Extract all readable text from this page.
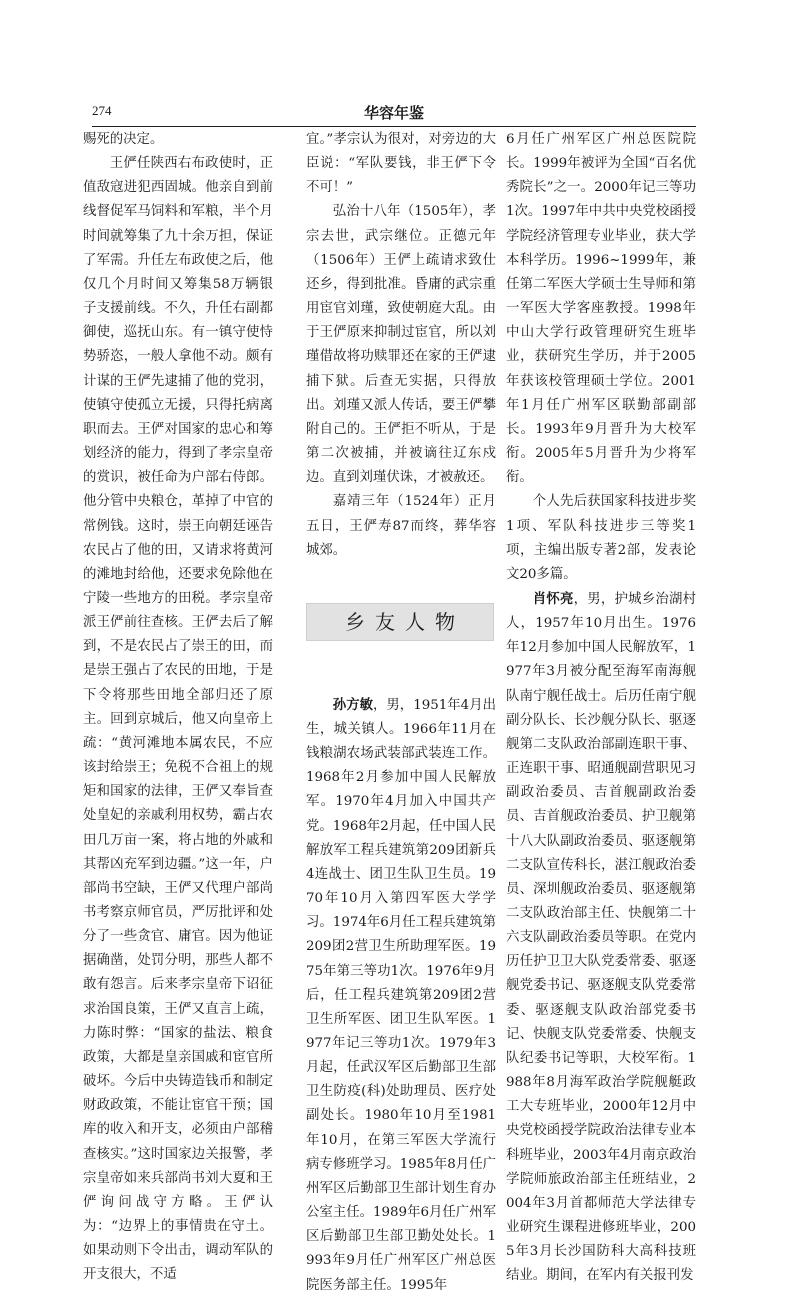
274	华容年鉴

赐死的决定。

王俨任陕西右布政使时，正值敌寇进犯西固城。他亲自到前线督促军马饲料和军粮，半个月时间就筹集了九十余万担，保证了军需。升任左布政使之后，他仅几个月时间又筹集58万辆银子支援前线。不久，升任右副都御使，巡抚山东。有一镇守使恃势骄恣，一般人拿他不动。颇有计谋的王俨先逮捕了他的党羽，使镇守使孤立无援，只得托病离职而去。王俨对国家的忠心和筹划经济的能力，得到了孝宗皇帝的赏识，被任命为户部右侍郎。他分管中央粮仓，革掉了中官的常例钱。这时，崇王向朝廷诬告农民占了他的田，又请求将黄河的滩地封给他，还要求免除他在宁陵一些地方的田税。孝宗皇帝派王俨前往查核。王俨去后了解到，不是农民占了崇王的田，而是崇王强占了农民的田地，于是下令将那些田地全部归还了原主。回到京城后，他又向皇帝上疏：“黄河滩地本属农民，不应该封给崇王；免税不合祖上的规矩和国家的法律，王俨又奉旨查处皇妃的亲戚利用权势，霸占农田几万亩一案，将占地的外戚和其帮凶充军到边疆。”这一年，户部尚书空缺，王俨又代理户部尚书考察京师官员，严厉批评和处分了一些贪官、庸官。因为他证据确凿，处罚分明，那些人都不敢有怨言。后来孝宗皇帝下诏征求治国良策，王俨又直言上疏，力陈时弊：“国家的盐法、粮食政策，大都是皇亲国戚和宦官所破坏。今后中央铸造钱币和制定财政政策，不能让宦官干预；国库的收入和开支，必须由户部稽查核实。”这时国家边关报警，孝宗皇帝如来兵部尚书刘大夏和王俨询问战守方略。王俨认为：“边界上的事情贵在守土。如果动则下令出击，调动军队的开支很大，不适

宜。”孝宗认为很对，对旁边的大臣说：“军队要钱，非王俨下令不可！”

弘治十八年（1505年），孝宗去世，武宗继位。正德元年（1506年）王俨上疏请求致仕还乡，得到批准。昏庸的武宗重用宦官刘瑾，致使朝庭大乱。由于王俨原来抑制过宦官，所以刘瑾借故将功赎罪还在家的王俨逮捕下狱。后查无实据，只得放出。刘瑾又派人传话，要王俨攀附自己的。王俨拒不听从，于是第二次被捕，并被谪往辽东戍边。直到刘瑾伏诛，才被赦还。

嘉靖三年（1524年）正月五日，王俨寿87而终，葬华容城郊。

乡友人物

孙方敏，男，1951年4月出生，城关镇人。1966年11月在钱粮湖农场武装部武装连工作。1968年2月参加中国人民解放军。1970年4月加入中国共产党。1968年2月起，任中国人民解放军工程兵建筑第209团新兵4连战士、团卫生队卫生员。1970年10月入第四军医大学学习。1974年6月任工程兵建筑第209团2营卫生所助理军医。1975年第三等功1次。1976年9月后，任工程兵建筑第209团2营卫生所军医、团卫生队军医。1977年记三等功1次。1979年3月起，任武汉军区后勤部卫生部卫生防疫(科)处助理员、医疗处副处长。1980年10月至1981年10月，在第三军医大学流行病专修班学习。1985年8月任广州军区后勤部卫生部计划生育办公室主任。1989年6月任广州军区后勤部卫生部卫勤处处长。1993年9月任广州军区广州总医院医务部主任。1995年

6月任广州军区广州总医院院长。1999年被评为全国“百名优秀院长”之一。2000年记三等功1次。1997年中共中央党校函授学院经济管理专业毕业，获大学本科学历。1996~1999年，兼任第二军医大学硕士生导师和第一军医大学客座教授。1998年中山大学行政管理研究生班毕业，获研究生学历，并于2005年获该校管理硕士学位。2001年1月任广州军区联勤部副部长。1993年9月晋升为大校军衔。2005年5月晋升为少将军衔。

个人先后获国家科技进步奖1项、军队科技进步三等奖1项，主编出版专著2部，发表论文20多篇。

肖怀亮，男，护城乡治湖村人，1957年10月出生。1976年12月参加中国人民解放军，1977年3月被分配至海军南海舰队南宁舰任战士。后历任南宁舰副分队长、长沙舰分队长、驱逐舰第二支队政治部副连职干事、正连职干事、昭通舰副营职见习副政治委员、吉首舰副政治委员、吉首舰政治委员、护卫舰第十八大队副政治委员、驱逐舰第二支队宣传科长，湛江舰政治委员、深圳舰政治委员、驱逐舰第二支队政治部主任、快舰第二十六支队副政治委员等职。在党内历任护卫卫大队党委常委、驱逐舰党委书记、驱逐舰支队党委常委、驱逐舰支队政治部党委书记、快舰支队党委常委、快舰支队纪委书记等职，大校军衔。1988年8月海军政治学院舰艇政工大专班毕业，2000年12月中央党校函授学院政治法律专业本科班毕业，2003年4月南京政治学院师旅政治部主任班结业，2004年3月首都师范大学法律专业研究生课程进修班毕业，2005年3月长沙国防科大高科技班结业。期间，在军内有关报刊发
